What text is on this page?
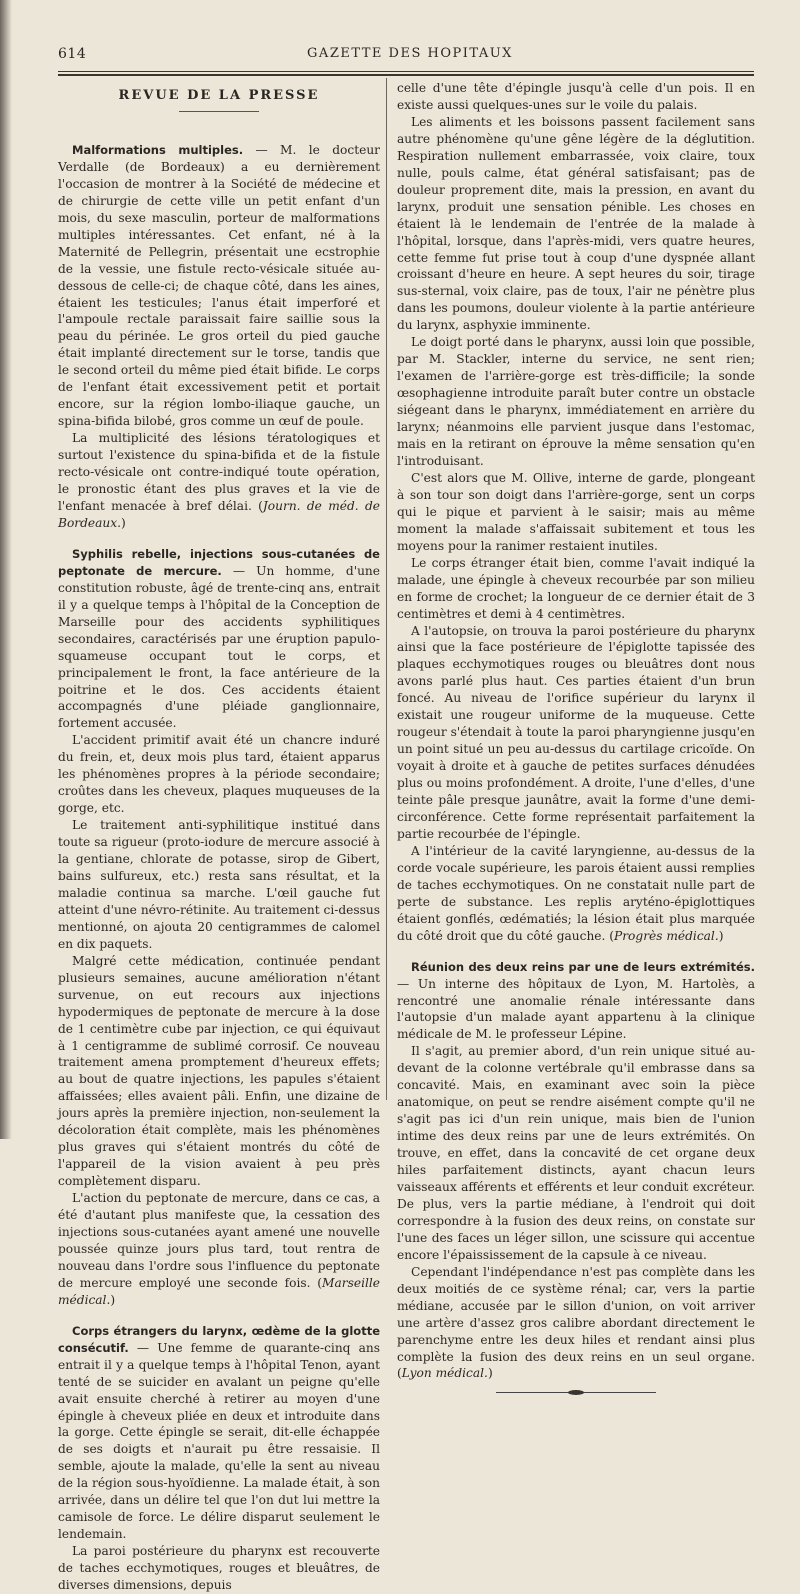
614	GAZETTE DES HOPITAUX
REVUE DE LA PRESSE

Malformations multiples. — M. le docteur Verdalle (de Bordeaux) a eu dernièrement l'occasion de montrer à la Société de médecine et de chirurgie de cette ville un petit enfant d'un mois, du sexe masculin, porteur de malformations multiples intéressantes. Cet enfant, né à la Maternité de Pellegrin, présentait une ecstrophie de la vessie, une fistule recto-vésicale située au-dessous de celle-ci; de chaque côté, dans les aines, étaient les testicules; l'anus était imperforé et l'ampoule rectale paraissait faire saillie sous la peau du périnée. Le gros orteil du pied gauche était implanté directement sur le torse, tandis que le second orteil du même pied était bifide. Le corps de l'enfant était excessivement petit et portait encore, sur la région lombo-iliaque gauche, un spina-bifida bilobé, gros comme un œuf de poule.

La multiplicité des lésions tératologiques et surtout l'existence du spina-bifida et de la fistule recto-vésicale ont contre-indiqué toute opération, le pronostic étant des plus graves et la vie de l'enfant menacée à bref délai. (Journ. de méd. de Bordeaux.)

Syphilis rebelle, injections sous-cutanées de peptonate de mercure. — Un homme, d'une constitution robuste, âgé de trente-cinq ans, entrait il y a quelque temps à l'hôpital de la Conception de Marseille pour des accidents syphilitiques secondaires, caractérisés par une éruption papulo-squameuse occupant tout le corps, et principalement le front, la face antérieure de la poitrine et le dos. Ces accidents étaient accompagnés d'une pléiade ganglionnaire, fortement accusée.

L'accident primitif avait été un chancre induré du frein, et, deux mois plus tard, étaient apparus les phénomènes propres à la période secondaire; croûtes dans les cheveux, plaques muqueuses de la gorge, etc.

Le traitement anti-syphilitique institué dans toute sa rigueur (proto-iodure de mercure associé à la gentiane, chlorate de potasse, sirop de Gibert, bains sulfureux, etc.) resta sans résultat, et la maladie continua sa marche. L'œil gauche fut atteint d'une névro-rétinite. Au traitement ci-dessus mentionné, on ajouta 20 centigrammes de calomel en dix paquets.

Malgré cette médication, continuée pendant plusieurs semaines, aucune amélioration n'étant survenue, on eut recours aux injections hypodermiques de peptonate de mercure à la dose de 1 centimètre cube par injection, ce qui équivaut à 1 centigramme de sublimé corrosif. Ce nouveau traitement amena promptement d'heureux effets; au bout de quatre injections, les papules s'étaient affaissées; elles avaient pâli. Enfin, une dizaine de jours après la première injection, non-seulement la décoloration était complète, mais les phénomènes plus graves qui s'étaient montrés du côté de l'appareil de la vision avaient à peu près complètement disparu.

L'action du peptonate de mercure, dans ce cas, a été d'autant plus manifeste que, la cessation des injections sous-cutanées ayant amené une nouvelle poussée quinze jours plus tard, tout rentra de nouveau dans l'ordre sous l'influence du peptonate de mercure employé une seconde fois. (Marseille médical.)

Corps étrangers du larynx, œdème de la glotte consécutif. — Une femme de quarante-cinq ans entrait il y a quelque temps à l'hôpital Tenon, ayant tenté de se suicider en avalant un peigne qu'elle avait ensuite cherché à retirer au moyen d'une épingle à cheveux pliée en deux et introduite dans la gorge. Cette épingle se serait, dit-elle échappée de ses doigts et n'aurait pu être ressaisie. Il semble, ajoute la malade, qu'elle la sent au niveau de la région sous-hyoïdienne. La malade était, à son arrivée, dans un délire tel que l'on dut lui mettre la camisole de force. Le délire disparut seulement le lendemain.

La paroi postérieure du pharynx est recouverte de taches ecchymotiques, rouges et bleuâtres, de diverses dimensions, depuis

celle d'une tête d'épingle jusqu'à celle d'un pois. Il en existe aussi quelques-unes sur le voile du palais.

Les aliments et les boissons passent facilement sans autre phénomène qu'une gêne légère de la déglutition. Respiration nullement embarrassée, voix claire, toux nulle, pouls calme, état général satisfaisant; pas de douleur proprement dite, mais la pression, en avant du larynx, produit une sensation pénible. Les choses en étaient là le lendemain de l'entrée de la malade à l'hôpital, lorsque, dans l'après-midi, vers quatre heures, cette femme fut prise tout à coup d'une dyspnée allant croissant d'heure en heure. A sept heures du soir, tirage sus-sternal, voix claire, pas de toux, l'air ne pénètre plus dans les poumons, douleur violente à la partie antérieure du larynx, asphyxie imminente.

Le doigt porté dans le pharynx, aussi loin que possible, par M. Stackler, interne du service, ne sent rien; l'examen de l'arrière-gorge est très-difficile; la sonde œsophagienne introduite paraît buter contre un obstacle siégeant dans le pharynx, immédiatement en arrière du larynx; néanmoins elle parvient jusque dans l'estomac, mais en la retirant on éprouve la même sensation qu'en l'introduisant.

C'est alors que M. Ollive, interne de garde, plongeant à son tour son doigt dans l'arrière-gorge, sent un corps qui le pique et parvient à le saisir; mais au même moment la malade s'affaissait subitement et tous les moyens pour la ranimer restaient inutiles.

Le corps étranger était bien, comme l'avait indiqué la malade, une épingle à cheveux recourbée par son milieu en forme de crochet; la longueur de ce dernier était de 3 centimètres et demi à 4 centimètres.

A l'autopsie, on trouva la paroi postérieure du pharynx ainsi que la face postérieure de l'épiglotte tapissée des plaques ecchymotiques rouges ou bleuâtres dont nous avons parlé plus haut. Ces parties étaient d'un brun foncé. Au niveau de l'orifice supérieur du larynx il existait une rougeur uniforme de la muqueuse. Cette rougeur s'étendait à toute la paroi pharyngienne jusqu'en un point situé un peu au-dessus du cartilage cricoïde. On voyait à droite et à gauche de petites surfaces dénudées plus ou moins profondément. A droite, l'une d'elles, d'une teinte pâle presque jaunâtre, avait la forme d'une demi-circonférence. Cette forme représentait parfaitement la partie recourbée de l'épingle.

A l'intérieur de la cavité laryngienne, au-dessus de la corde vocale supérieure, les parois étaient aussi remplies de taches ecchymotiques. On ne constatait nulle part de perte de substance. Les replis aryténo-épiglottiques étaient gonflés, œdématiés; la lésion était plus marquée du côté droit que du côté gauche. (Progrès médical.)

Réunion des deux reins par une de leurs extrémités. — Un interne des hôpitaux de Lyon, M. Hartolès, a rencontré une anomalie rénale intéressante dans l'autopsie d'un malade ayant appartenu à la clinique médicale de M. le professeur Lépine.

Il s'agit, au premier abord, d'un rein unique situé au-devant de la colonne vertébrale qu'il embrasse dans sa concavité. Mais, en examinant avec soin la pièce anatomique, on peut se rendre aisément compte qu'il ne s'agit pas ici d'un rein unique, mais bien de l'union intime des deux reins par une de leurs extrémités. On trouve, en effet, dans la concavité de cet organe deux hiles parfaitement distincts, ayant chacun leurs vaisseaux afférents et efférents et leur conduit excréteur. De plus, vers la partie médiane, à l'endroit qui doit correspondre à la fusion des deux reins, on constate sur l'une des faces un léger sillon, une scissure qui accentue encore l'épaississement de la capsule à ce niveau.

Cependant l'indépendance n'est pas complète dans les deux moitiés de ce système rénal; car, vers la partie médiane, accusée par le sillon d'union, on voit arriver une artère d'assez gros calibre abordant directement le parenchyme entre les deux hiles et rendant ainsi plus complète la fusion des deux reins en un seul organe. (Lyon médical.)
